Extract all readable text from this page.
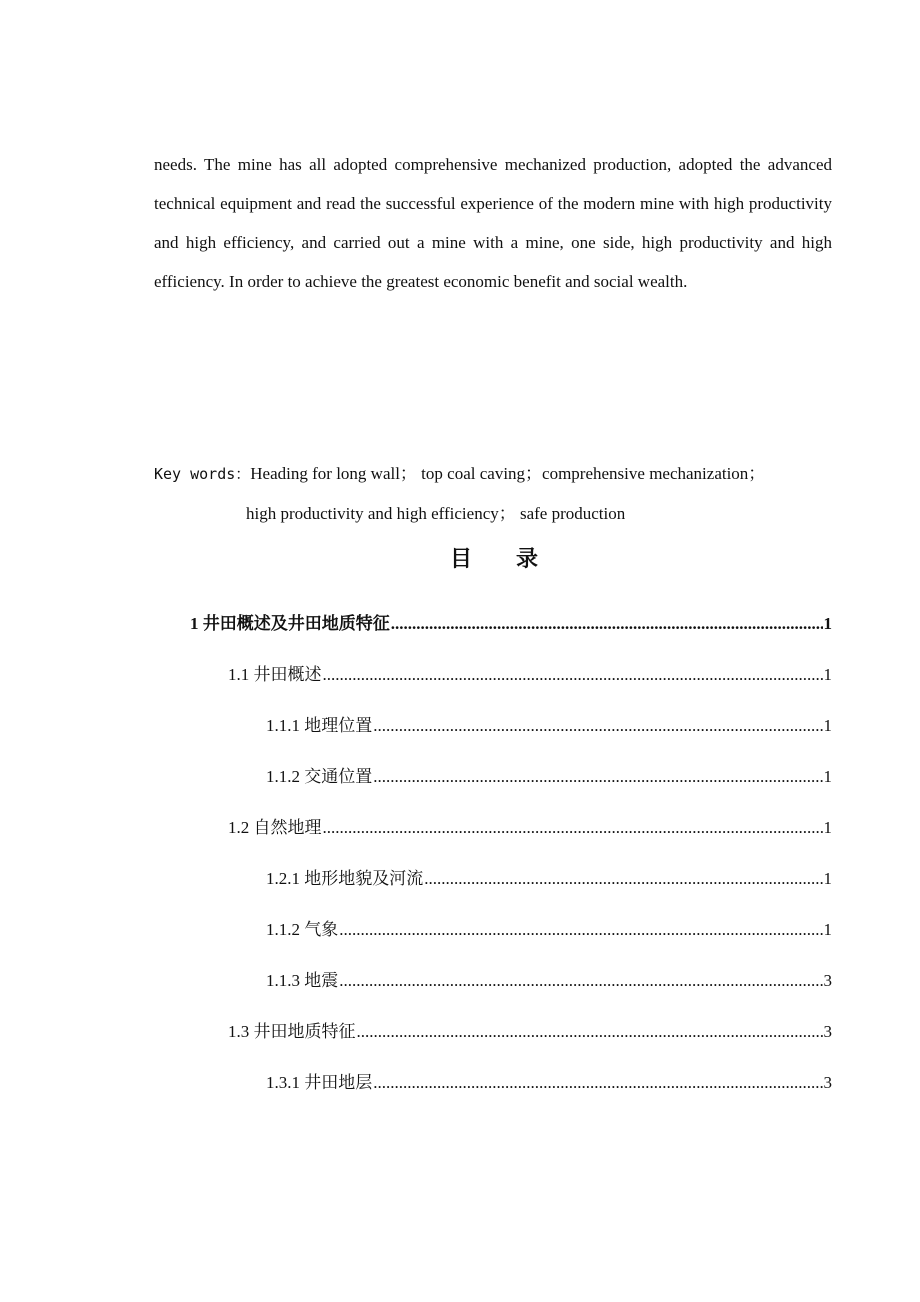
needs. The mine has all adopted comprehensive mechanized production, adopted the advanced technical equipment and read the successful experience of the modern mine with high productivity and high efficiency, and carried out a mine with a mine, one side, high productivity and high efficiency. In order to achieve the greatest economic benefit and social wealth.

Key words：Heading for long wall； top coal caving；comprehensive mechanization；
high productivity and high efficiency； safe production
目录
1 井田概述及井田地质特征 .....	1
1.1 井田概述 .....	1
1.1.1 地理位置 .....	1
1.1.2 交通位置 .....	1
1.2 自然地理 .....	1
1.2.1 地形地貌及河流 .....	1
1.1.2 气象 .....	1
1.1.3 地震 .....	3
1.3 井田地质特征 .....	3
1.3.1 井田地层 .....	3
